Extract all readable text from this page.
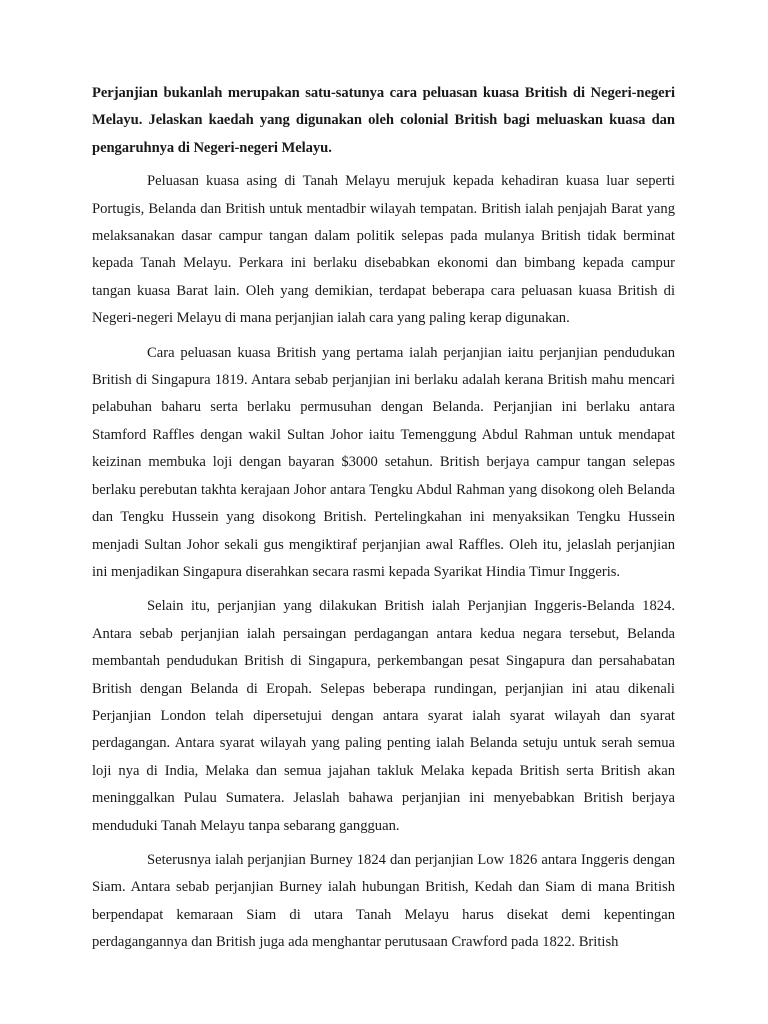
Perjanjian bukanlah merupakan satu-satunya cara peluasan kuasa British di Negeri-negeri Melayu. Jelaskan kaedah yang digunakan oleh colonial British bagi meluaskan kuasa dan pengaruhnya di Negeri-negeri Melayu.

Peluasan kuasa asing di Tanah Melayu merujuk kepada kehadiran kuasa luar seperti Portugis, Belanda dan British untuk mentadbir wilayah tempatan. British ialah penjajah Barat yang melaksanakan dasar campur tangan dalam politik selepas pada mulanya British tidak berminat kepada Tanah Melayu. Perkara ini berlaku disebabkan ekonomi dan bimbang kepada campur tangan kuasa Barat lain. Oleh yang demikian, terdapat beberapa cara peluasan kuasa British di Negeri-negeri Melayu di mana perjanjian ialah cara yang paling kerap digunakan.

Cara peluasan kuasa British yang pertama ialah perjanjian iaitu perjanjian pendudukan British di Singapura 1819. Antara sebab perjanjian ini berlaku adalah kerana British mahu mencari pelabuhan baharu serta berlaku permusuhan dengan Belanda. Perjanjian ini berlaku antara Stamford Raffles dengan wakil Sultan Johor iaitu Temenggung Abdul Rahman untuk mendapat keizinan membuka loji dengan bayaran $3000 setahun. British berjaya campur tangan selepas berlaku perebutan takhta kerajaan Johor antara Tengku Abdul Rahman yang disokong oleh Belanda dan Tengku Hussein yang disokong British. Pertelingkahan ini menyaksikan Tengku Hussein menjadi Sultan Johor sekali gus mengiktiraf perjanjian awal Raffles. Oleh itu, jelaslah perjanjian ini menjadikan Singapura diserahkan secara rasmi kepada Syarikat Hindia Timur Inggeris.

Selain itu, perjanjian yang dilakukan British ialah Perjanjian Inggeris-Belanda 1824. Antara sebab perjanjian ialah persaingan perdagangan antara kedua negara tersebut, Belanda membantah pendudukan British di Singapura, perkembangan pesat Singapura dan persahabatan British dengan Belanda di Eropah. Selepas beberapa rundingan, perjanjian ini atau dikenali Perjanjian London telah dipersetujui dengan antara syarat ialah syarat wilayah dan syarat perdagangan. Antara syarat wilayah yang paling penting ialah Belanda setuju untuk serah semua loji nya di India, Melaka dan semua jajahan takluk Melaka kepada British serta British akan meninggalkan Pulau Sumatera. Jelaslah bahawa perjanjian ini menyebabkan British berjaya menduduki Tanah Melayu tanpa sebarang gangguan.

Seterusnya ialah perjanjian Burney 1824 dan perjanjian Low 1826 antara Inggeris dengan Siam. Antara sebab perjanjian Burney ialah hubungan British, Kedah dan Siam di mana British berpendapat kemaraan Siam di utara Tanah Melayu harus disekat demi kepentingan perdagangannya dan British juga ada menghantar perutusaan Crawford pada 1822. British
